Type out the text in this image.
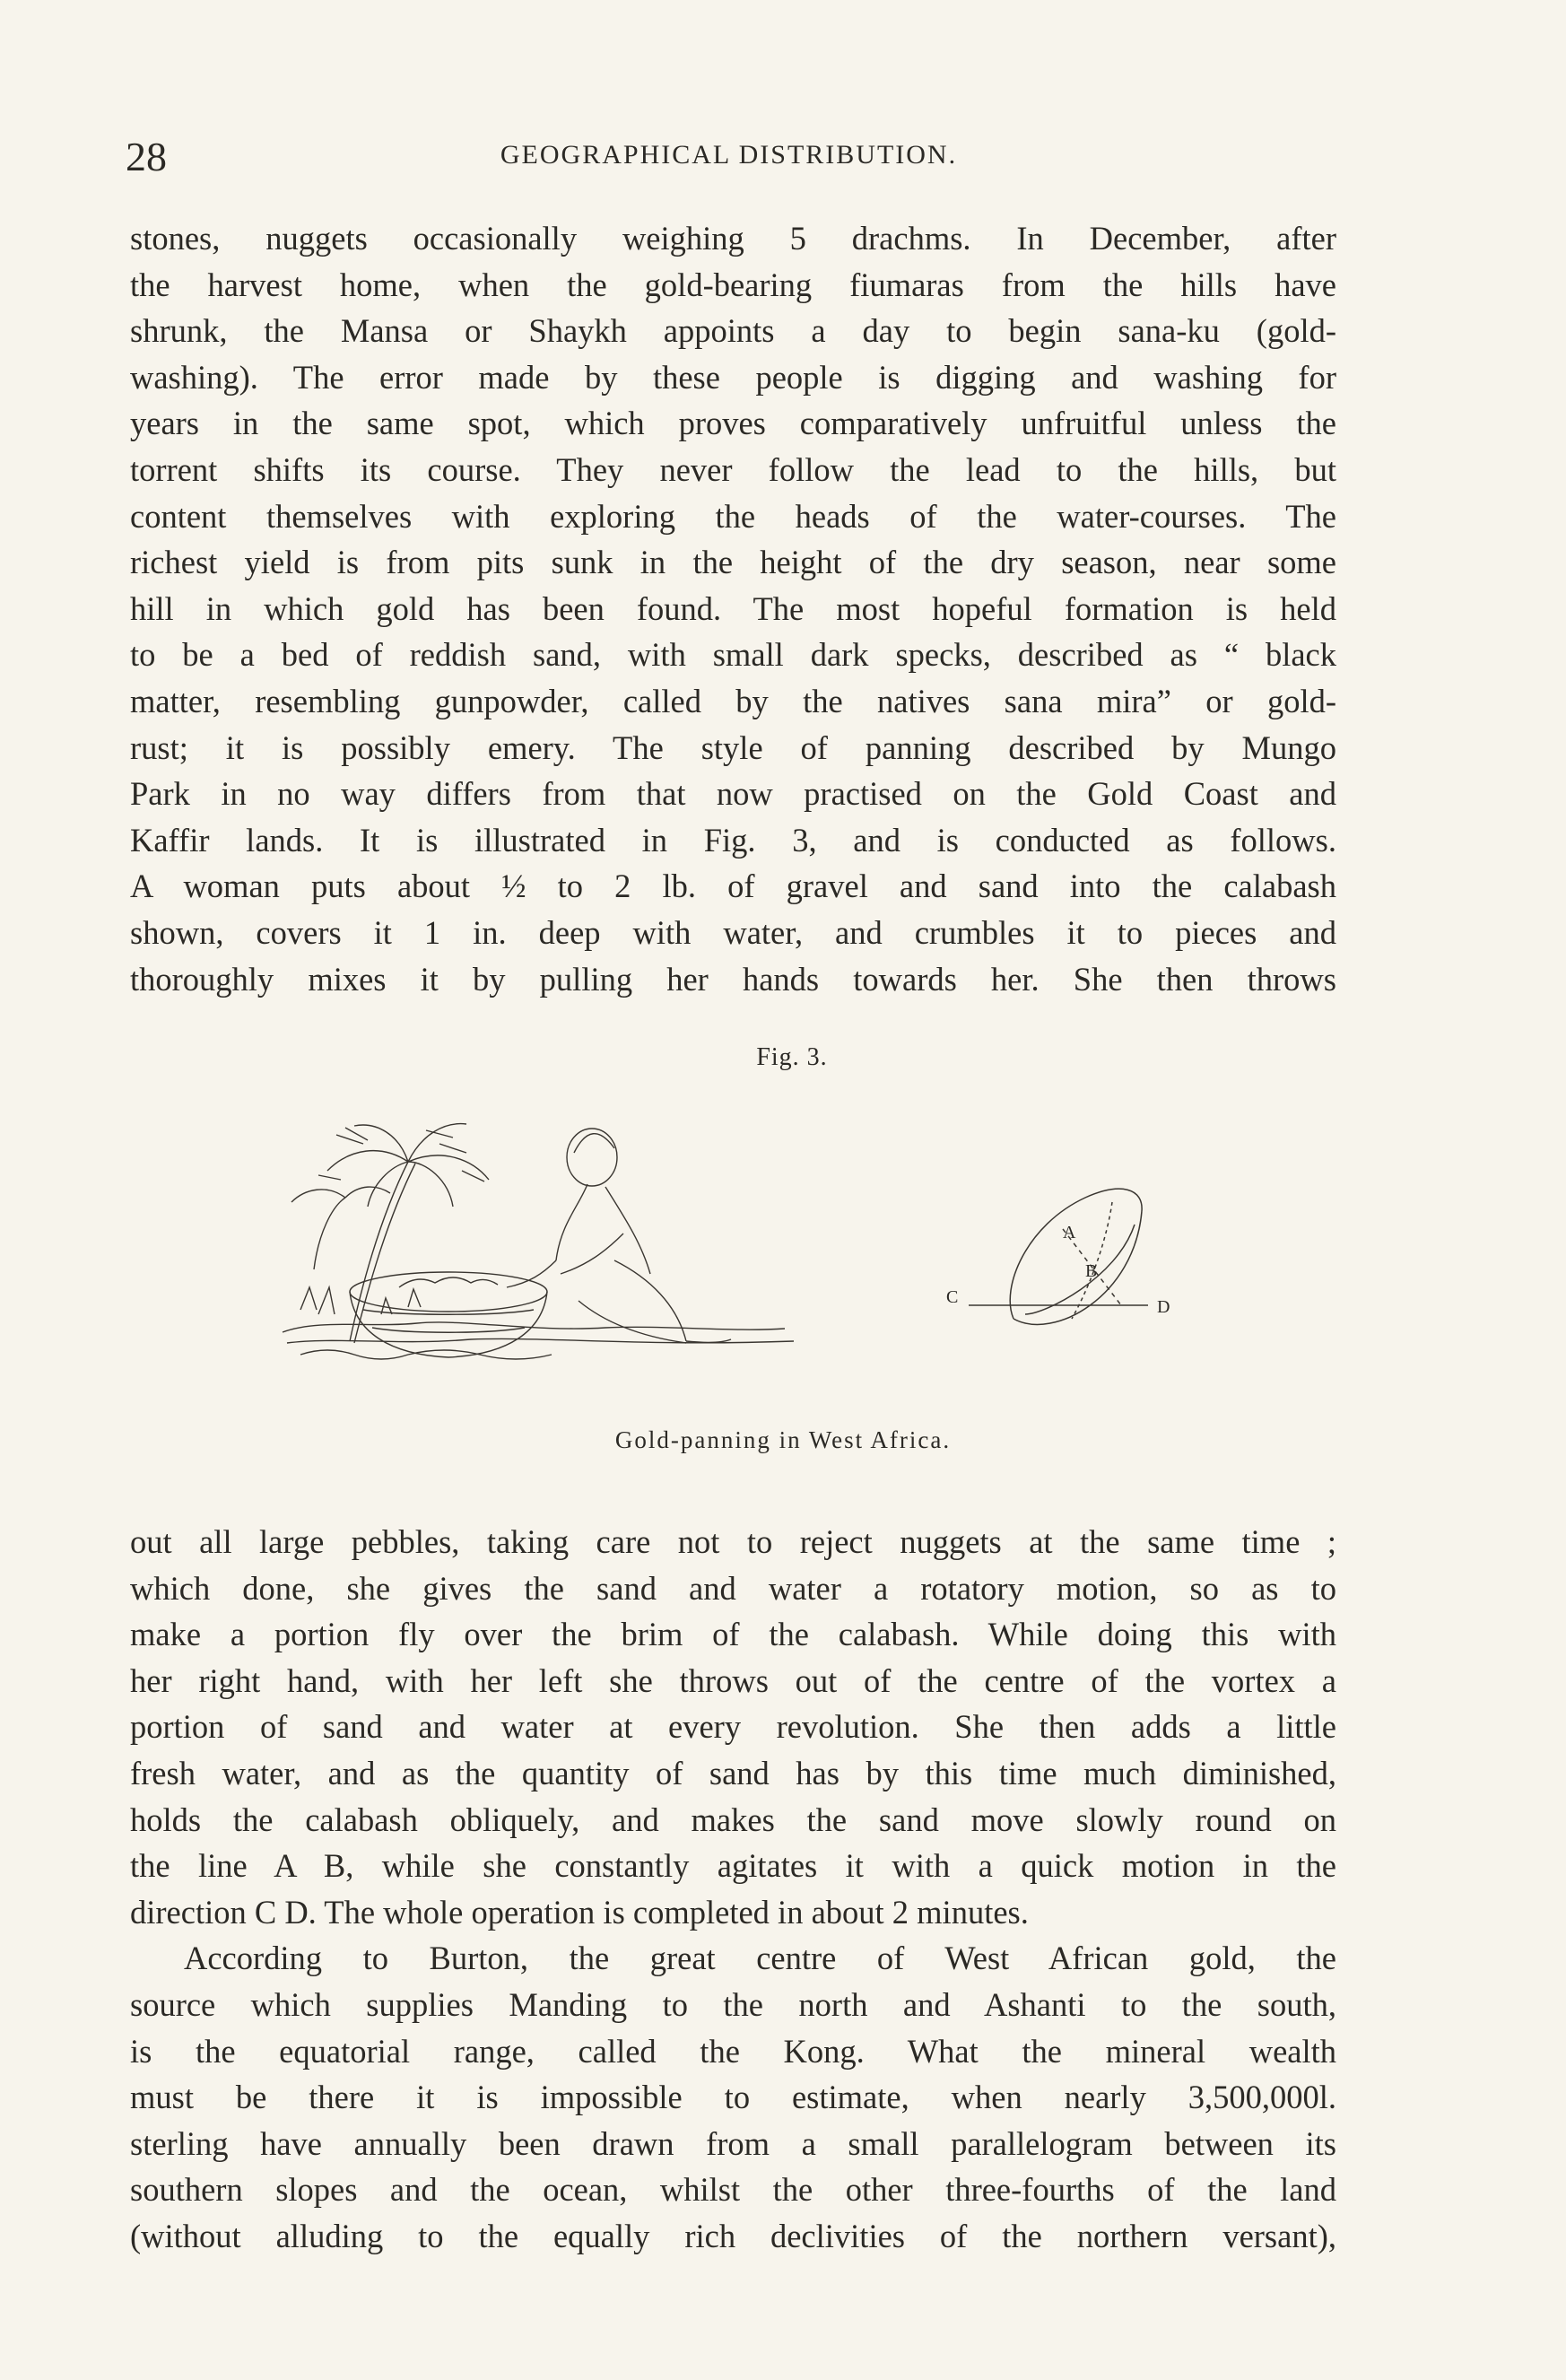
28	GEOGRAPHICAL DISTRIBUTION.
stones, nuggets occasionally weighing 5 drachms. In December, after
the harvest home, when the gold-bearing fiumaras from the hills have
shrunk, the Mansa or Shaykh appoints a day to begin sana-ku (gold-
washing). The error made by these people is digging and washing for
years in the same spot, which proves comparatively unfruitful unless the
torrent shifts its course. They never follow the lead to the hills, but
content themselves with exploring the heads of the water-courses. The
richest yield is from pits sunk in the height of the dry season, near some
hill in which gold has been found. The most hopeful formation is held
to be a bed of reddish sand, with small dark specks, described as “ black
matter, resembling gunpowder, called by the natives sana mira” or gold-
rust; it is possibly emery. The style of panning described by Mungo
Park in no way differs from that now practised on the Gold Coast and
Kaffir lands. It is illustrated in Fig. 3, and is conducted as follows.
A woman puts about ½ to 2 lb. of gravel and sand into the calabash
shown, covers it 1 in. deep with water, and crumbles it to pieces and
thoroughly mixes it by pulling her hands towards her. She then throws
Fig. 3.
A
B
C	D
Gold-panning in West Africa.
out all large pebbles, taking care not to reject nuggets at the same time ;
which done, she gives the sand and water a rotatory motion, so as to
make a portion fly over the brim of the calabash. While doing this with
her right hand, with her left she throws out of the centre of the vortex a
portion of sand and water at every revolution. She then adds a little
fresh water, and as the quantity of sand has by this time much diminished,
holds the calabash obliquely, and makes the sand move slowly round on
the line A B, while she constantly agitates it with a quick motion in the
direction C D. The whole operation is completed in about 2 minutes.
According to Burton, the great centre of West African gold, the
source which supplies Manding to the north and Ashanti to the south,
is the equatorial range, called the Kong. What the mineral wealth
must be there it is impossible to estimate, when nearly 3,500,000l.
sterling have annually been drawn from a small parallelogram between its
southern slopes and the ocean, whilst the other three-fourths of the land
(without alluding to the equally rich declivities of the northern versant),
